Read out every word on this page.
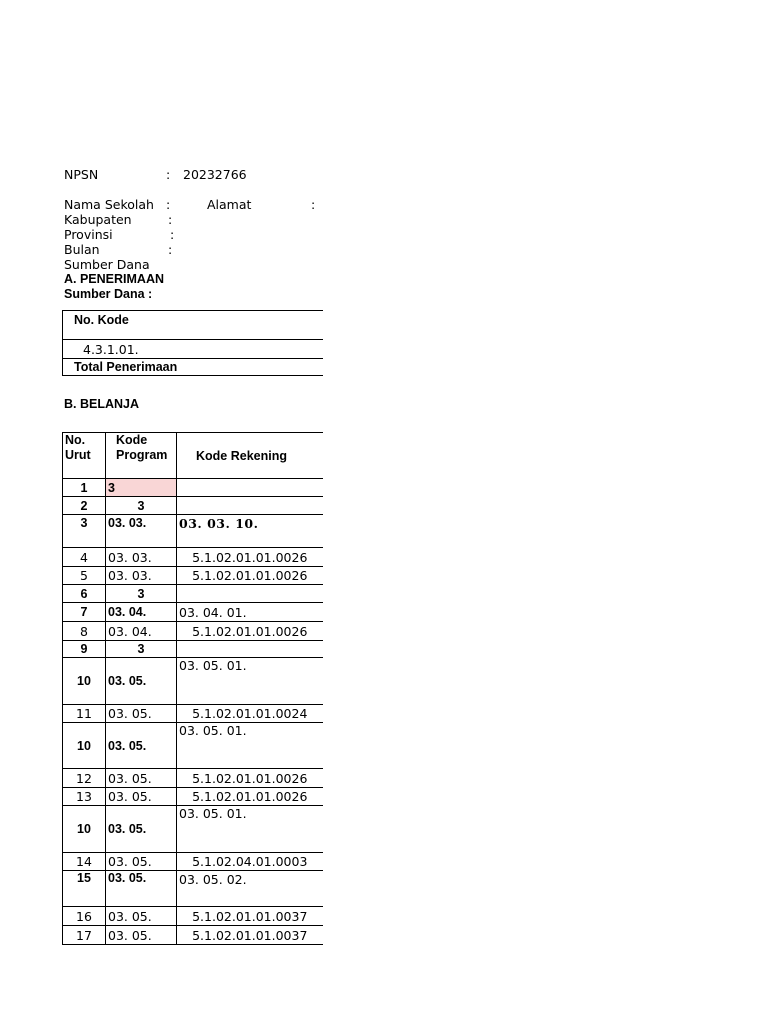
NPSN	: 20232766
Nama Sekolah :	Alamat	:
Kabupaten	:
Provinsi	:
Bulan	:
Sumber Dana
A. PENERIMAAN
Sumber Dana :
No. Kode
4.3.1.01.
Total Penerimaan
B. BELANJA
No. Urut	Kode Program	Kode Rekening
1	3	
2	3	
3	03. 03.	03. 03. 10.
4	03. 03.	5.1.02.01.01.0026
5	03. 03.	5.1.02.01.01.0026
6	3	
7	03. 04.	03. 04. 01.
8	03. 04.	5.1.02.01.01.0026
9	3	
10	03. 05.	03. 05. 01.
11	03. 05.	5.1.02.01.01.0024
10	03. 05.	03. 05. 01.
12	03. 05.	5.1.02.01.01.0026
13	03. 05.	5.1.02.01.01.0026
10	03. 05.	03. 05. 01.
14	03. 05.	5.1.02.04.01.0003
15	03. 05.	03. 05. 02.
16	03. 05.	5.1.02.01.01.0037
17	03. 05.	5.1.02.01.01.0037
